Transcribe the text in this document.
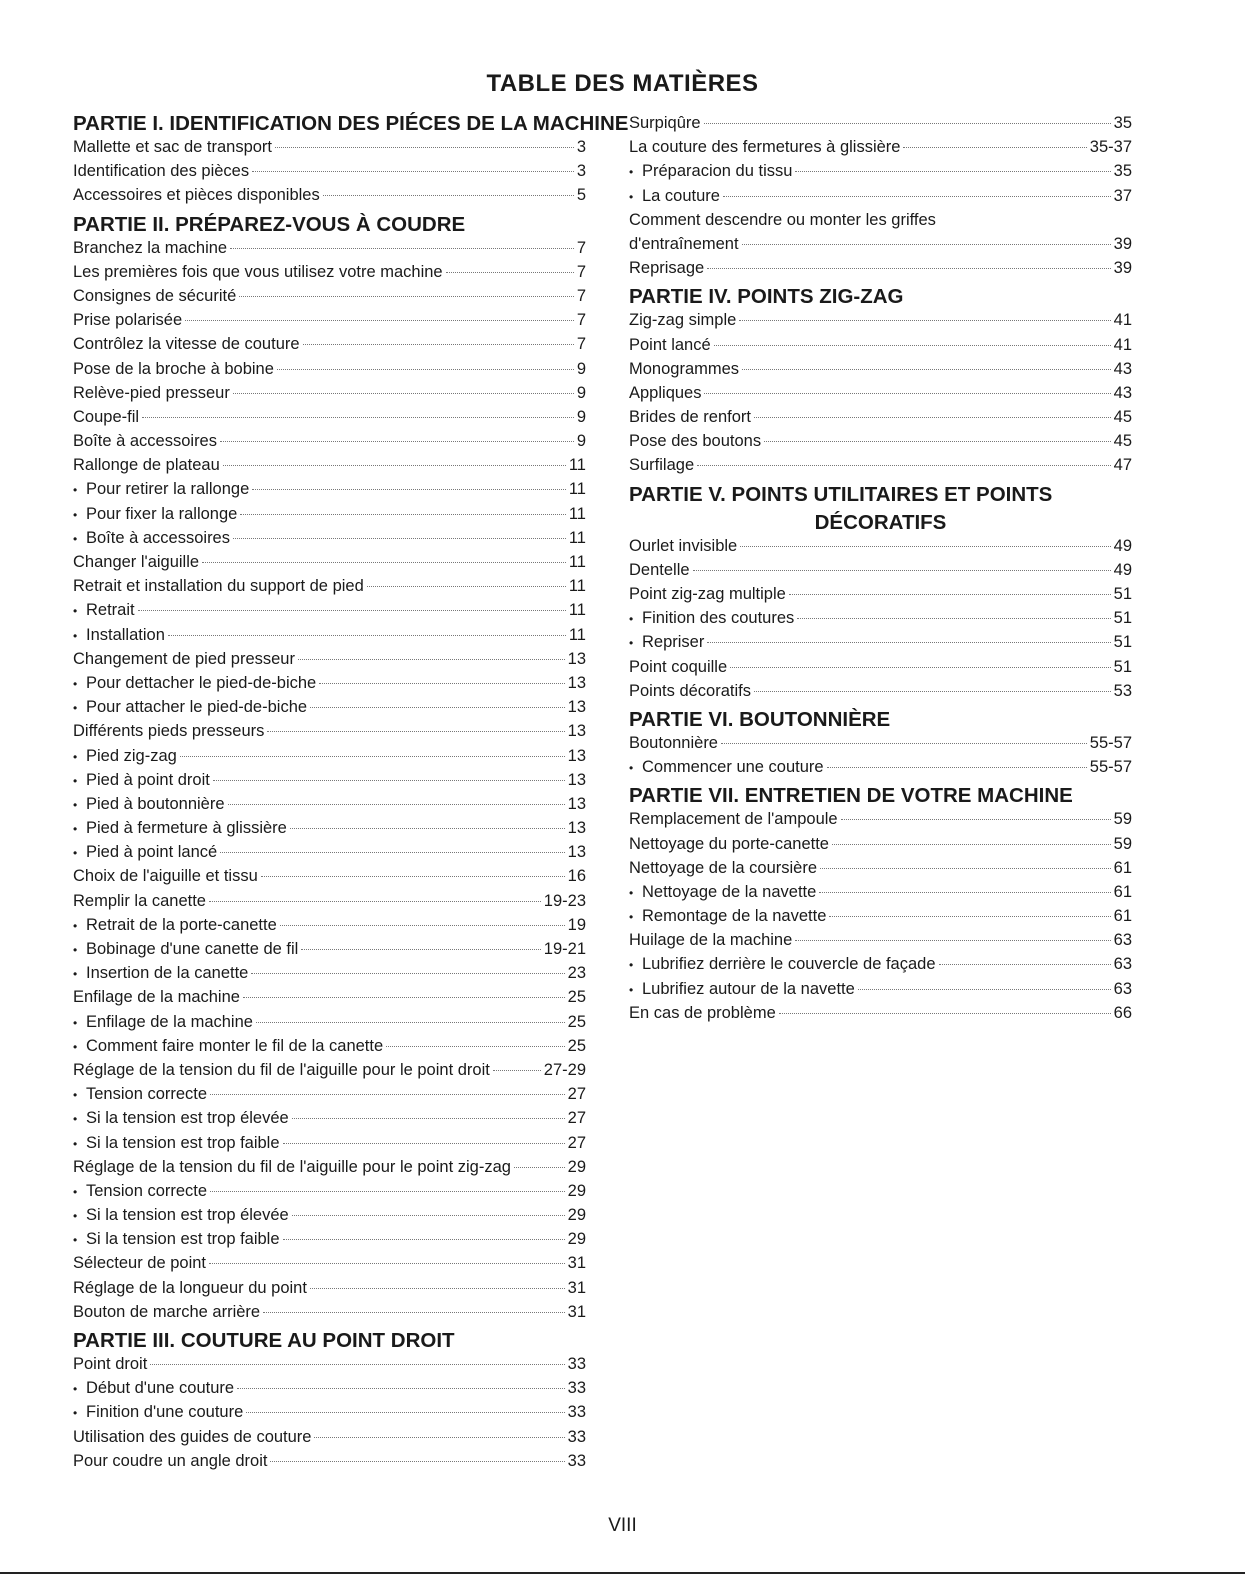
TABLE DES MATIÈRES
PARTIE I. IDENTIFICATION DES PIÉCES DE LA MACHINE
Mallette et sac de transport	3
Identification des pièces	3
Accessoires et pièces disponibles	5
PARTIE II. PRÉPAREZ-VOUS À COUDRE
Branchez la machine	7
Les premières fois que vous utilisez votre machine	7
Consignes de sécurité	7
Prise polarisée	7
Contrôlez la vitesse de couture	7
Pose de la broche à bobine	9
Relève-pied presseur	9
Coupe-fil	9
Boîte à accessoires	9
Rallonge de plateau	11
• Pour retirer la rallonge	11
• Pour fixer la rallonge	11
• Boîte à accessoires	11
Changer l'aiguille	11
Retrait et installation du support de pied	11
• Retrait	11
• Installation	11
Changement de pied presseur	13
• Pour dettacher le pied-de-biche	13
• Pour attacher le pied-de-biche	13
Différents pieds presseurs	13
• Pied zig-zag	13
• Pied à point droit	13
• Pied à boutonnière	13
• Pied à fermeture à glissière	13
• Pied à point lancé	13
Choix de l'aiguille et tissu	16
Remplir la canette	19-23
• Retrait de la porte-canette	19
• Bobinage d'une canette de fil	19-21
• Insertion de la canette	23
Enfilage de la machine	25
• Enfilage de la machine	25
• Comment faire monter le fil de la canette	25
Réglage de la tension du fil de l'aiguille pour le point droit	27-29
• Tension correcte	27
• Si la tension est trop élevée	27
• Si la tension est trop faible	27
Réglage de la tension du fil de l'aiguille pour le point zig-zag	29
• Tension correcte	29
• Si la tension est trop élevée	29
• Si la tension est trop faible	29
Sélecteur de point	31
Réglage de la longueur du point	31
Bouton de marche arrière	31
PARTIE III. COUTURE AU POINT DROIT
Point droit	33
• Début d'une couture	33
• Finition d'une couture	33
Utilisation des guides de couture	33
Pour coudre un angle droit	33
Surpiqûre	35
La couture des fermetures à glissière	35-37
• Préparacion du tissu	35
• La couture	37
Comment descendre ou monter les griffes
d'entraînement	39
Reprisage	39
PARTIE IV. POINTS ZIG-ZAG
Zig-zag simple	41
Point lancé	41
Monogrammes	43
Appliques	43
Brides de renfort	45
Pose des boutons	45
Surfilage	47
PARTIE V. POINTS UTILITAIRES ET POINTS
DÉCORATIFS
Ourlet invisible	49
Dentelle	49
Point zig-zag multiple	51
• Finition des coutures	51
• Repriser	51
Point coquille	51
Points décoratifs	53
PARTIE VI. BOUTONNIÈRE
Boutonnière	55-57
• Commencer une couture	55-57
PARTIE VII. ENTRETIEN DE VOTRE MACHINE
Remplacement de l'ampoule	59
Nettoyage du porte-canette	59
Nettoyage de la coursière	61
• Nettoyage de la navette	61
• Remontage de la navette	61
Huilage de la machine	63
• Lubrifiez derrière le couvercle de façade	63
• Lubrifiez autour de la navette	63
En cas de problème	66
VIII
